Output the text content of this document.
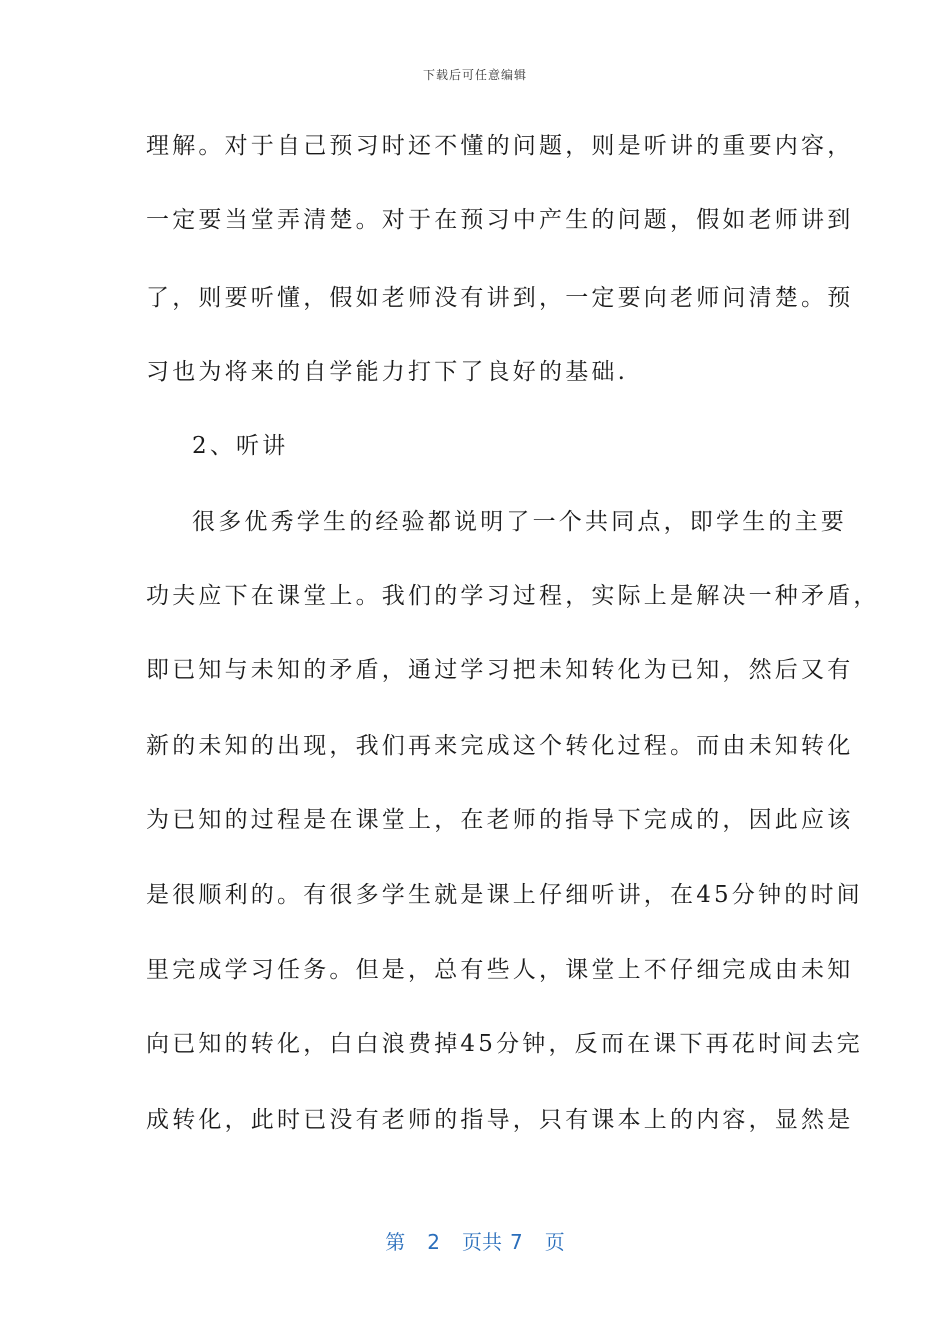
下载后可任意编辑
理解。对于自己预习时还不懂的问题，则是听讲的重要内容，
一定要当堂弄清楚。对于在预习中产生的问题，假如老师讲到
了，则要听懂，假如老师没有讲到，一定要向老师问清楚。预
习也为将来的自学能力打下了良好的基础.
2、听讲
很多优秀学生的经验都说明了一个共同点，即学生的主要
功夫应下在课堂上。我们的学习过程，实际上是解决一种矛盾，
即已知与未知的矛盾，通过学习把未知转化为已知，然后又有
新的未知的出现，我们再来完成这个转化过程。而由未知转化
为已知的过程是在课堂上，在老师的指导下完成的，因此应该
是很顺利的。有很多学生就是课上仔细听讲，在45分钟的时间
里完成学习任务。但是，总有些人，课堂上不仔细完成由未知
向已知的转化，白白浪费掉45分钟，反而在课下再花时间去完
成转化，此时已没有老师的指导，只有课本上的内容，显然是
第 2 页共 7 页
